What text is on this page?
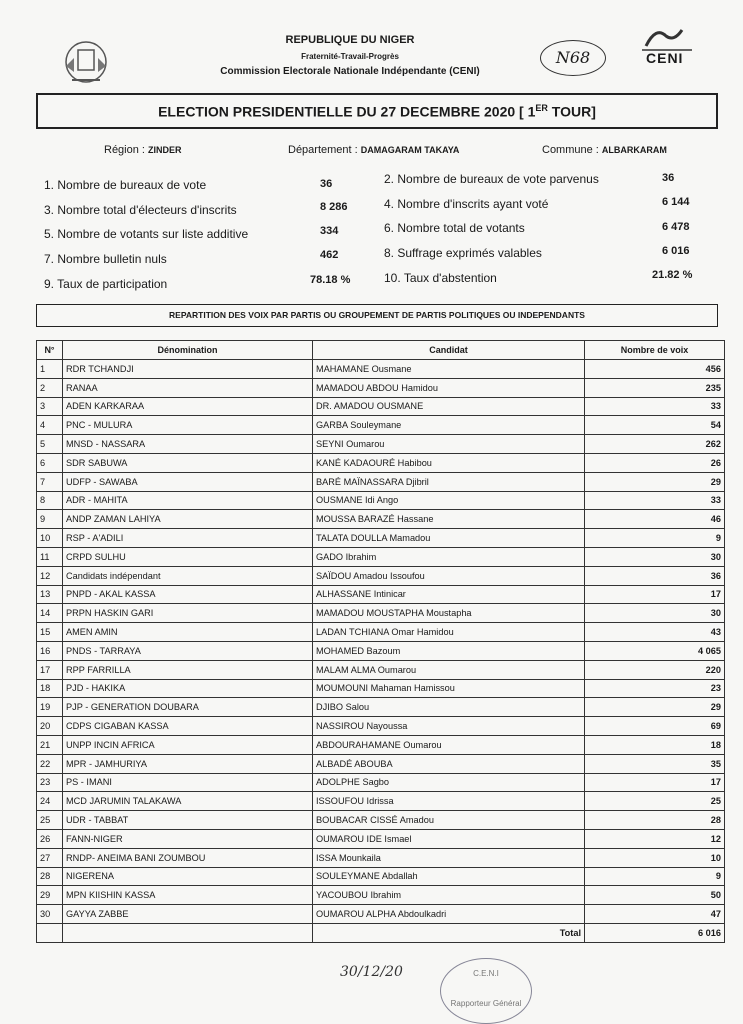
REPUBLIQUE DU NIGER
Fraternité-Travail-Progrès
Commission Electorale Nationale Indépendante (CENI)
N68	CENI
ELECTION PRESIDENTIELLE DU 27 DECEMBRE 2020 [ 1ER TOUR]
Région : ZINDER	Département : DAMAGARAM TAKAYA	Commune : ALBARKARAM
1. Nombre de bureaux de vote	36	2. Nombre de bureaux de vote parvenus	36
3. Nombre total d'électeurs d'inscrits	8 286	4. Nombre d'inscrits ayant voté	6 144
5. Nombre de votants sur liste additive	334	6. Nombre total de votants	6 478
7. Nombre bulletin nuls	462	8. Suffrage exprimés valables	6 016
9. Taux de participation	78.18 %	10. Taux d'abstention	21.82 %
REPARTITION DES VOIX PAR PARTIS OU GROUPEMENT DE PARTIS POLITIQUES OU INDEPENDANTS
N°	Dénomination	Candidat	Nombre de voix
1	RDR TCHANDJI	MAHAMANE Ousmane	456
2	RANAA	MAMADOU ABDOU Hamidou	235
3	ADEN KARKARAA	DR. AMADOU OUSMANE	33
4	PNC - MULURA	GARBA Souleymane	54
5	MNSD - NASSARA	SEYNI Oumarou	262
6	SDR SABUWA	KANÉ KADAOURÉ Habibou	26
7	UDFP - SAWABA	BARÉ MAÏNASSARA Djibril	29
8	ADR - MAHITA	OUSMANE Idi Ango	33
9	ANDP ZAMAN LAHIYA	MOUSSA BARAZÉ Hassane	46
10	RSP - A'ADILI	TALATA DOULLA Mamadou	9
11	CRPD SULHU	GADO Ibrahim	30
12	Candidats indépendant	SAÏDOU Amadou Issoufou	36
13	PNPD - AKAL KASSA	ALHASSANE Intinicar	17
14	PRPN HASKIN GARI	MAMADOU MOUSTAPHA Moustapha	30
15	AMEN AMIN	LADAN TCHIANA Omar Hamidou	43
16	PNDS - TARRAYA	MOHAMED Bazoum	4 065
17	RPP FARRILLA	MALAM ALMA Oumarou	220
18	PJD - HAKIKA	MOUMOUNI Mahaman Hamissou	23
19	PJP - GENERATION DOUBARA	DJIBO Salou	29
20	CDPS CIGABAN KASSA	NASSIROU Nayoussa	69
21	UNPP INCIN AFRICA	ABDOURAHAMANE Oumarou	18
22	MPR - JAMHURIYA	ALBADÉ ABOUBA	35
23	PS - IMANI	ADOLPHE Sagbo	17
24	MCD JARUMIN TALAKAWA	ISSOUFOU Idrissa	25
25	UDR - TABBAT	BOUBACAR CISSÉ Amadou	28
26	FANN-NIGER	OUMAROU IDE Ismael	12
27	RNDP- ANEIMA BANI ZOUMBOU	ISSA Mounkaila	10
28	NIGERENA	SOULEYMANE Abdallah	9
29	MPN KIISHIN KASSA	YACOUBOU Ibrahim	50
30	GAYYA ZABBE	OUMAROU ALPHA Abdoulkadri	47
		Total	6 016
30/12/20	C.E.N.I
Rapporteur Général
